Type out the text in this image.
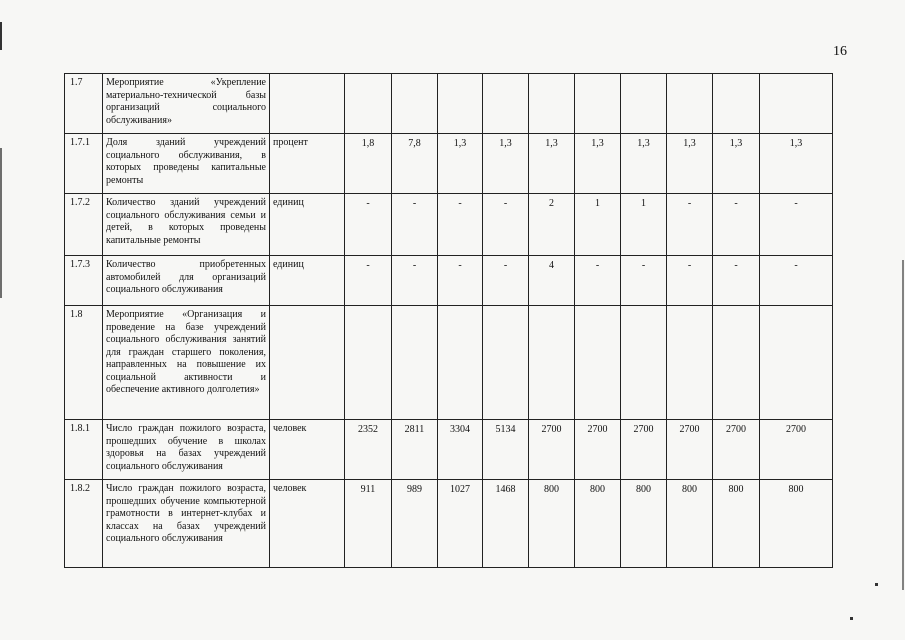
16
1.7	Мероприятие «Укрепление материально-технической базы организаций социального обслуживания»											
1.7.1	Доля зданий учреждений социального обслуживания, в которых проведены капитальные ремонты	процент	1,8	7,8	1,3	1,3	1,3	1,3	1,3	1,3	1,3	1,3
1.7.2	Количество зданий учреждений социального обслуживания семьи и детей, в которых проведены капитальные ремонты	единиц	-	-	-	-	2	1	1	-	-	-
1.7.3	Количество приобретенных автомобилей для организаций социального обслуживания	единиц	-	-	-	-	4	-	-	-	-	-
1.8	Мероприятие «Организация и проведение на базе учреждений социального обслуживания занятий для граждан старшего поколения, направленных на повышение их социальной активности и обеспечение активного долголетия»											
1.8.1	Число граждан пожилого возраста, прошедших обучение в школах здоровья на базах учреждений социального обслуживания	человек	2352	2811	3304	5134	2700	2700	2700	2700	2700	2700
1.8.2	Число граждан пожилого возраста, прошедших обучение компьютерной грамотности в интернет-клубах и классах на базах учреждений социального обслуживания	человек	911	989	1027	1468	800	800	800	800	800	800
